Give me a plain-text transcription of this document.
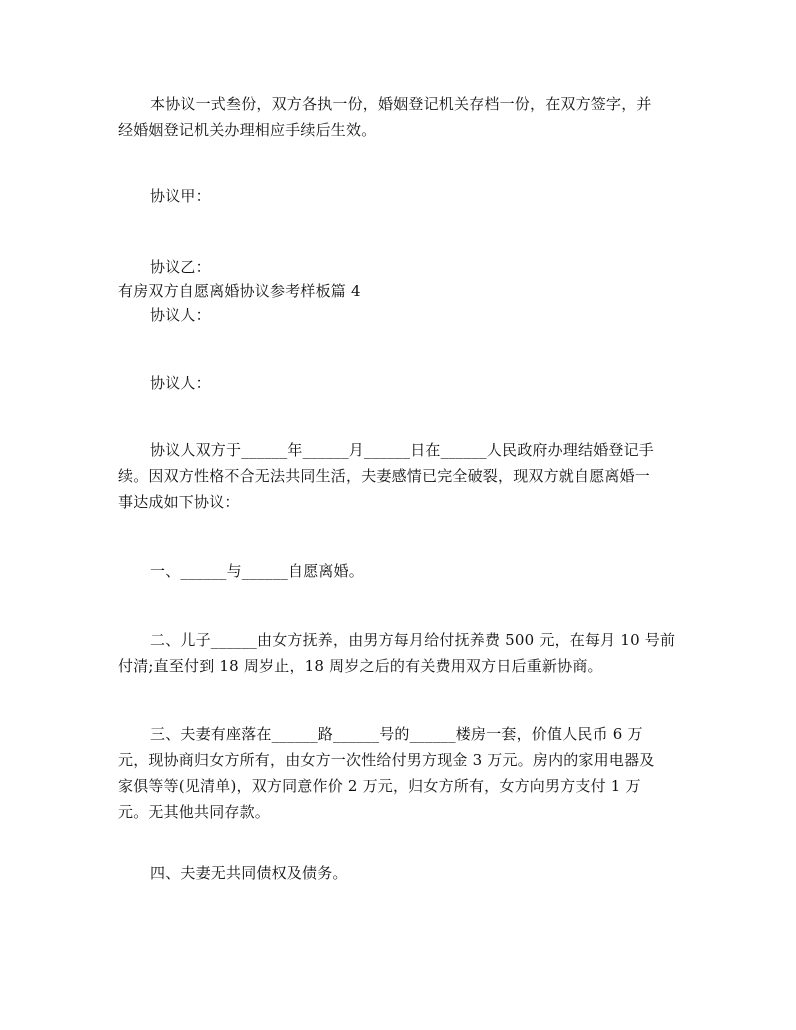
本协议一式叁份，双方各执一份，婚姻登记机关存档一份，在双方签字，并
经婚姻登记机关办理相应手续后生效。
协议甲：
协议乙：
有房双方自愿离婚协议参考样板篇 4
协议人：
协议人：
协议人双方于______年______月______日在______人民政府办理结婚登记手
续。因双方性格不合无法共同生活，夫妻感情已完全破裂，现双方就自愿离婚一
事达成如下协议：
一、______与______自愿离婚。
二、儿子______由女方抚养，由男方每月给付抚养费 500 元，在每月 10 号前
付清;直至付到 18 周岁止，18 周岁之后的有关费用双方日后重新协商。
三、夫妻有座落在______路______号的______楼房一套，价值人民币 6 万
元，现协商归女方所有，由女方一次性给付男方现金 3 万元。房内的家用电器及
家俱等等(见清单)，双方同意作价 2 万元，归女方所有，女方向男方支付 1 万
元。无其他共同存款。
四、夫妻无共同债权及债务。
